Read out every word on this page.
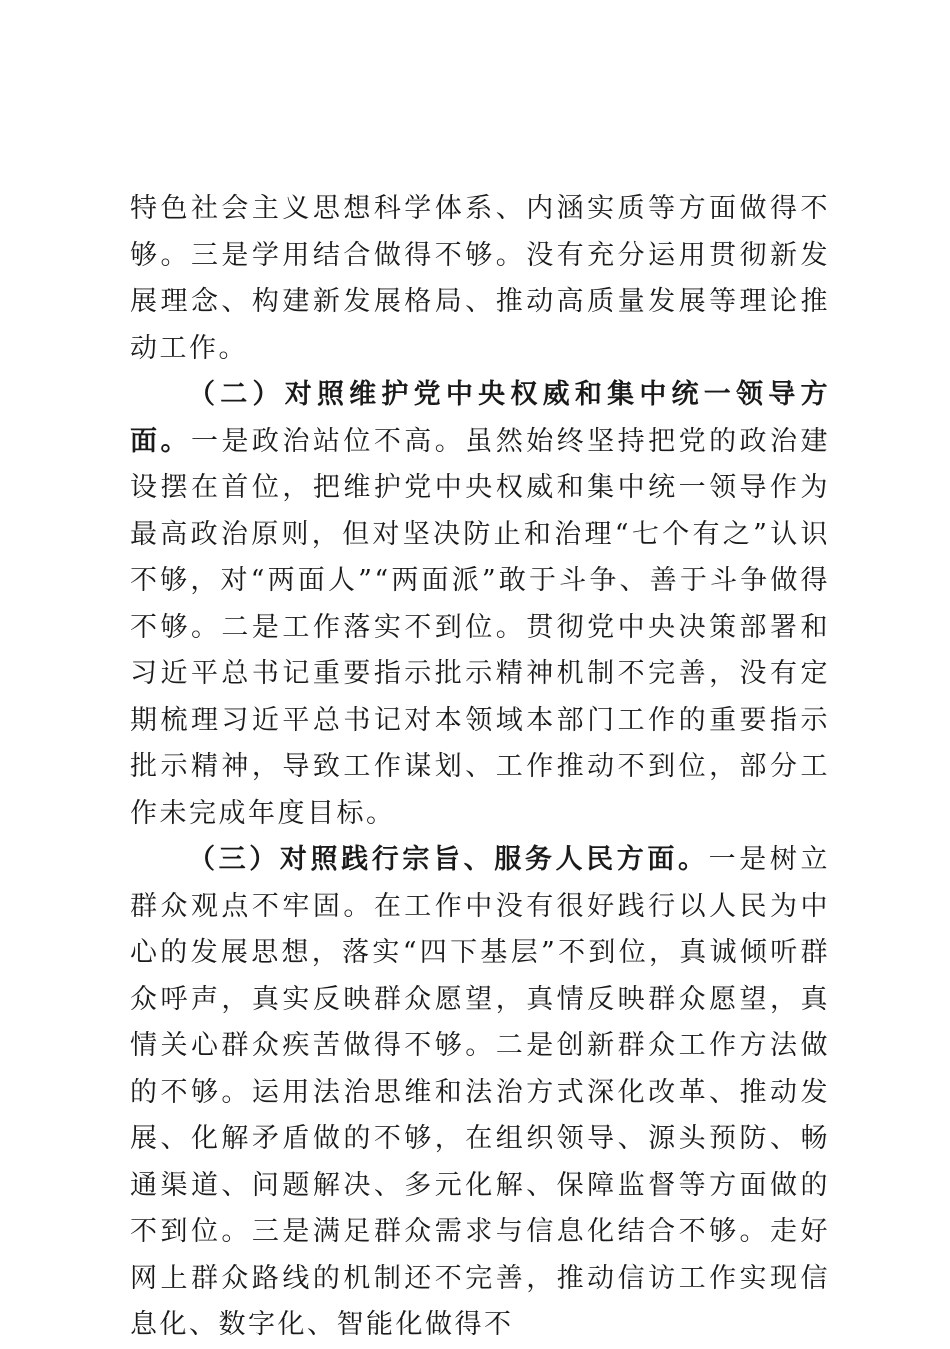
特色社会主义思想科学体系、内涵实质等方面做得不够。三是学用结合做得不够。没有充分运用贯彻新发展理念、构建新发展格局、推动高质量发展等理论推动工作。

（二）对照维护党中央权威和集中统一领导方面。一是政治站位不高。虽然始终坚持把党的政治建设摆在首位，把维护党中央权威和集中统一领导作为最高政治原则，但对坚决防止和治理“七个有之”认识不够，对“两面人”“两面派”敢于斗争、善于斗争做得不够。二是工作落实不到位。贯彻党中央决策部署和习近平总书记重要指示批示精神机制不完善，没有定期梳理习近平总书记对本领域本部门工作的重要指示批示精神，导致工作谋划、工作推动不到位，部分工作未完成年度目标。

（三）对照践行宗旨、服务人民方面。一是树立群众观点不牢固。在工作中没有很好践行以人民为中心的发展思想，落实“四下基层”不到位，真诚倾听群众呼声，真实反映群众愿望，真情反映群众愿望，真情关心群众疾苦做得不够。二是创新群众工作方法做的不够。运用法治思维和法治方式深化改革、推动发展、化解矛盾做的不够，在组织领导、源头预防、畅通渠道、问题解决、多元化解、保障监督等方面做的不到位。三是满足群众需求与信息化结合不够。走好网上群众路线的机制还不完善，推动信访工作实现信息化、数字化、智能化做得不
